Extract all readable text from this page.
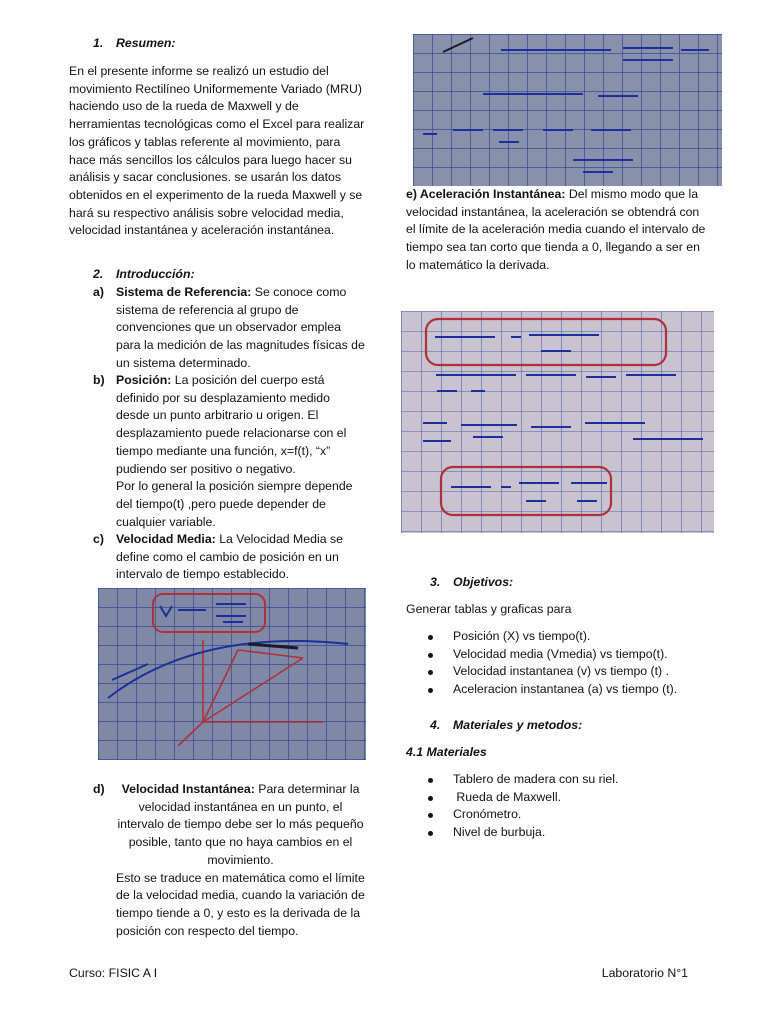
1. Resumen:

En el presente informe se realizó un estudio del movimiento Rectilíneo Uniformemente Variado (MRU) haciendo uso de la rueda de Maxwell y de herramientas tecnológicas como el Excel para realizar los gráficos y tablas referente al movimiento, para hace más sencillos los cálculos para luego hacer su análisis y sacar conclusiones. se usarán los datos obtenidos en el experimento de la rueda Maxwell y se hará su respectivo análisis sobre velocidad media, velocidad instantánea y aceleración instantánea.

2. Introducción:
a) Sistema de Referencia: Se conoce como sistema de referencia al grupo de convenciones que un observador emplea para la medición de las magnitudes físicas de un sistema determinado.

b) Posición: La posición del cuerpo está definido por su desplazamiento medido desde un punto arbitrario u origen. El desplazamiento puede relacionarse con el tiempo mediante una función, x=f(t), “x” pudiendo ser positivo o negativo.

Por lo general la posición siempre depende del tiempo(t) ,pero puede depender de cualquier variable.

c) Velocidad Media: La Velocidad Media se define como el cambio de posición en un intervalo de tiempo establecido.

d)	Velocidad Instantánea: Para determinar la velocidad instantánea en un punto, el intervalo de tiempo debe ser lo más pequeño posible, tanto que no haya cambios en el movimiento.

Esto se traduce en matemática como el límite de la velocidad media, cuando la variación de tiempo tiende a 0, y esto es la derivada de la posición con respecto del tiempo.

e) Aceleración Instantánea: Del mismo modo que la velocidad instantánea, la aceleración se obtendrá con el límite de la aceleración media cuando el intervalo de tiempo sea tan corto que tienda a 0, llegando a ser en lo matemático la derivada.

3. Objetivos:

Generar tablas y graficas para

Posición (X) vs tiempo(t).
Velocidad media (Vmedia) vs tiempo(t).
Velocidad instantanea (v) vs tiempo (t) .
Aceleracion instantanea (a) vs tiempo (t).
4. Materiales y metodos:

4.1 Materiales

Tablero de madera con su riel.
Rueda de Maxwell.
Cronómetro.
Nivel de burbuja.
Curso: FISIC A I	Laboratorio N°1
